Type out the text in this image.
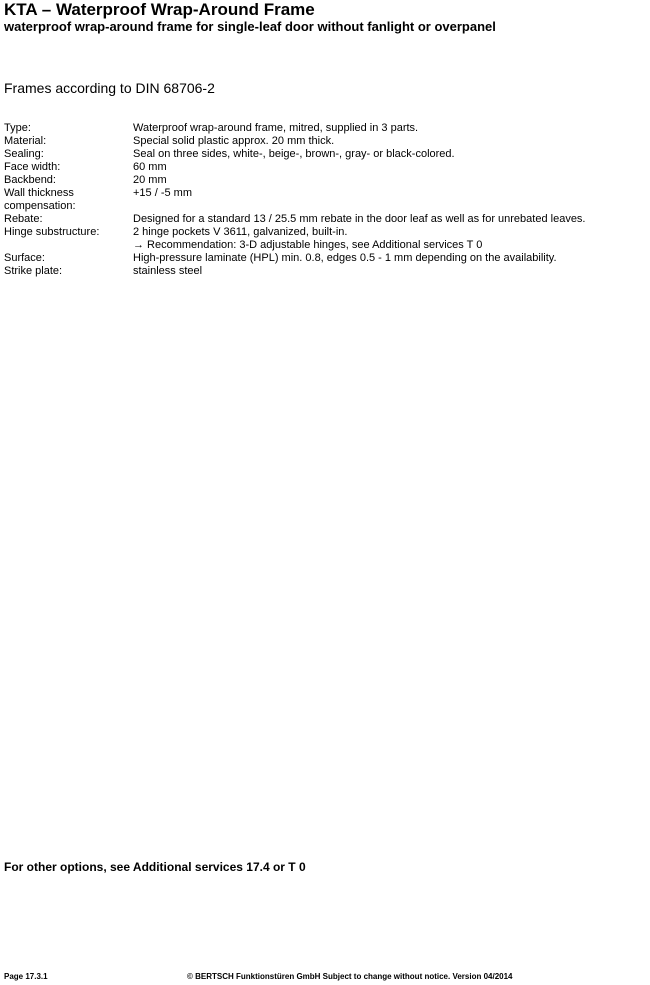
KTA – Waterproof Wrap-Around Frame
waterproof wrap-around frame for single-leaf door without fanlight or overpanel
Frames according to DIN 68706-2
Type:	Waterproof wrap-around frame, mitred, supplied in 3 parts.
Material:	Special solid plastic approx. 20 mm thick.
Sealing:	Seal on three sides, white-, beige-, brown-, gray- or black-colored.
Face width:	60 mm
Backbend:	20 mm
Wall thickness	+15 / -5 mm
compensation:
Rebate:	Designed for a standard 13 / 25.5 mm rebate in the door leaf as well as for unrebated leaves.
Hinge substructure:	2 hinge pockets V 3611, galvanized, built-in.
→ Recommendation: 3-D adjustable hinges, see Additional services T 0
Surface:	High-pressure laminate (HPL) min. 0.8, edges 0.5 - 1 mm depending on the availability.
Strike plate:	stainless steel
For other options, see Additional services 17.4 or T 0
Page 17.3.1	© BERTSCH Funktionstüren GmbH Subject to change without notice. Version 04/2014
